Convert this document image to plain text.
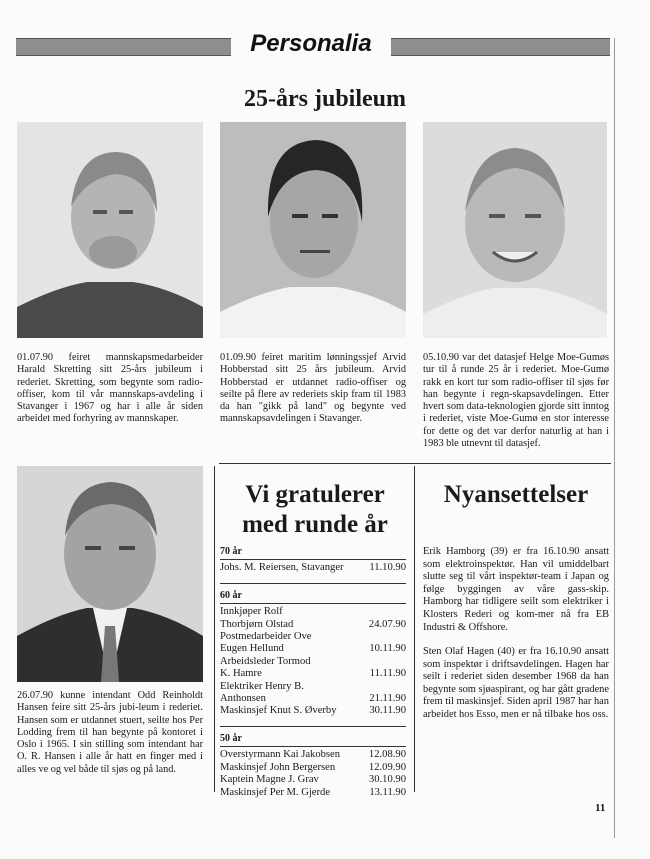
Personalia
25-års jubileum
01.07.90 feiret mannskapsmedarbeider Harald Skretting sitt 25-års jubileum i rederiet. Skretting, som begynte som radio-offiser, kom til vår mannskaps-avdeling i Stavanger i 1967 og har i alle år siden arbeidet med forhyring av mannskaper.
01.09.90 feiret maritim lønningssjef Arvid Hobberstad sitt 25 års jubileum. Arvid Hobberstad er utdannet radio-offiser og seilte på flere av rederiets skip fram til 1983 da han "gikk på land" og begynte ved mannskapsavdelingen i Stavanger.
05.10.90 var det datasjef Helge Moe-Gumøs tur til å runde 25 år i rederiet. Moe-Gumø rakk en kort tur som radio-offiser til sjøs før han begynte i regn-skapsavdelingen. Etter hvert som data-teknologien gjorde sitt inntog i rederiet, viste Moe-Gumø en stor interesse for dette og det var derfor naturlig at han i 1983 ble utnevnt til datasjef.
26.07.90 kunne intendant Odd Reinholdt Hansen feire sitt 25-års jubi-leum i rederiet. Hansen som er utdannet stuert, seilte hos Per Lodding frem til han begynte på kontoret i Oslo i 1965. I sin stilling som intendant har O. R. Hansen i alle år hatt en finger med i alles ve og vel både til sjøs og på land.
Vi gratulerer
med runde år
70 år
Johs. M. Reiersen, Stavanger 11.10.90
60 år
Innkjøper Rolf
Thorbjørn Olstad	24.07.90
Postmedarbeider Ove
Eugen Hellund	10.11.90
Arbeidsleder Tormod
K. Hamre	11.11.90
Elektriker Henry B.
Anthonsen	21.11.90
Maskinsjef Knut S. Øverby	30.11.90
50 år
Overstyrmann Kai Jakobsen	12.08.90
Maskinsjef John Bergersen	12.09.90
Kaptein Magne J. Grav	30.10.90
Maskinsjef Per M. Gjerde	13.11.90
Nyansettelser
Erik Hamborg (39) er fra 16.10.90 ansatt som elektroinspektør. Han vil umiddelbart slutte seg til vårt inspektør-team i Japan og følge byggingen av våre gass-skip. Hamborg har tidligere seilt som elektriker i Klosters Rederi og kom-mer nå fra EB Industri & Offshore.
Sten Olaf Hagen (40) er fra 16.10.90 ansatt som inspektør i driftsavdelingen. Hagen har seilt i rederiet siden desember 1968 da han begynte som sjøaspirant, og har gått gradene frem til maskinsjef. Siden april 1987 har han arbeidet hos Esso, men er nå tilbake hos oss.
11
